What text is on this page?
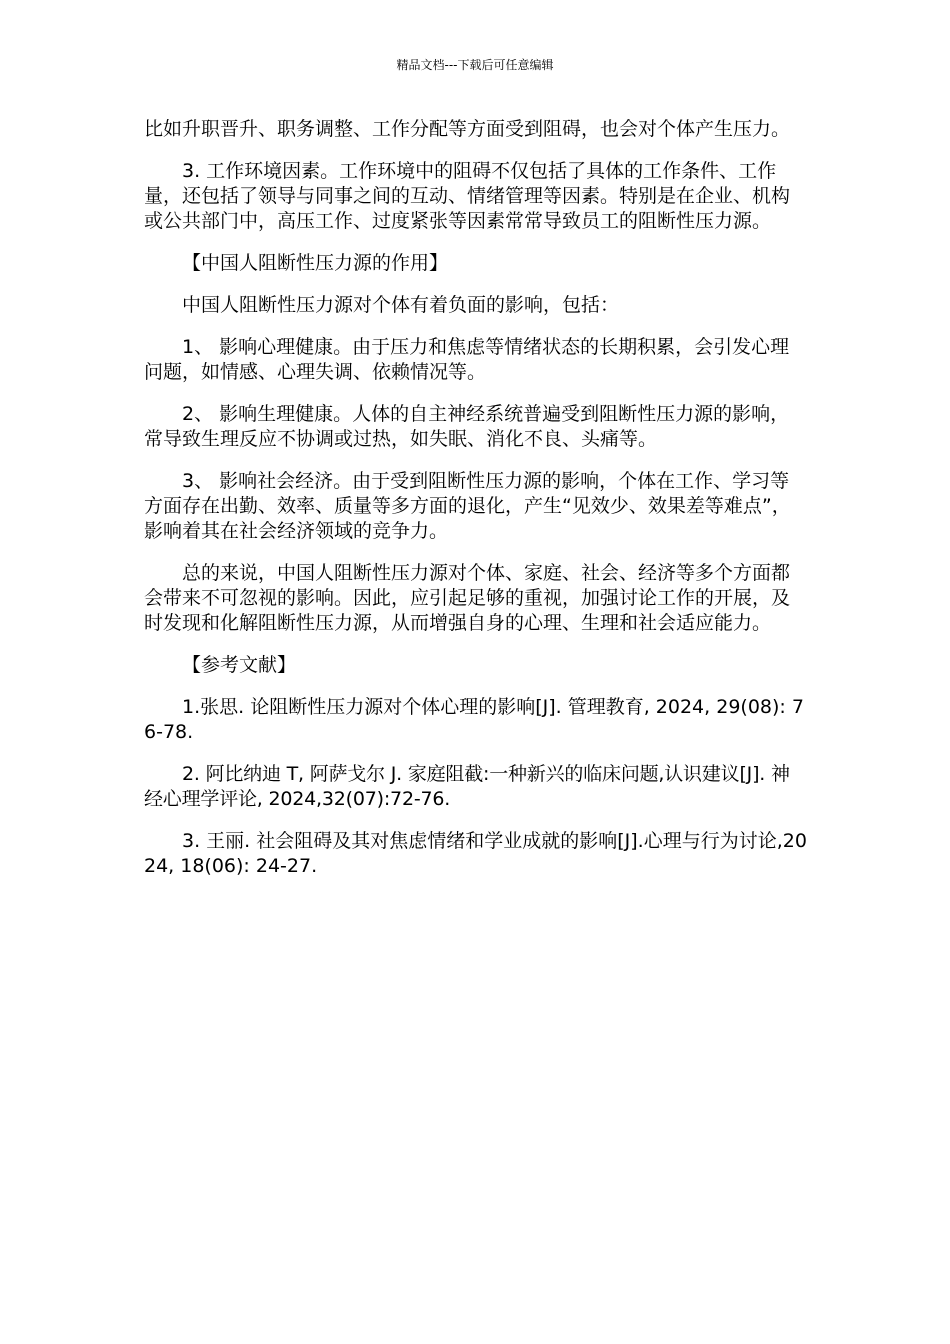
精品文档---下载后可任意编辑

比如升职晋升、职务调整、工作分配等方面受到阻碍，也会对个体产生压力。

3. 工作环境因素。工作环境中的阻碍不仅包括了具体的工作条件、工作量，还包括了领导与同事之间的互动、情绪管理等因素。特别是在企业、机构或公共部门中，高压工作、过度紧张等因素常常导致员工的阻断性压力源。

【中国人阻断性压力源的作用】

中国人阻断性压力源对个体有着负面的影响，包括：

1、 影响心理健康。由于压力和焦虑等情绪状态的长期积累，会引发心理问题，如情感、心理失调、依赖情况等。

2、 影响生理健康。人体的自主神经系统普遍受到阻断性压力源的影响，常导致生理反应不协调或过热，如失眠、消化不良、头痛等。

3、 影响社会经济。由于受到阻断性压力源的影响，个体在工作、学习等方面存在出勤、效率、质量等多方面的退化，产生“见效少、效果差等难点”，影响着其在社会经济领域的竞争力。

总的来说，中国人阻断性压力源对个体、家庭、社会、经济等多个方面都会带来不可忽视的影响。因此，应引起足够的重视，加强讨论工作的开展，及时发现和化解阻断性压力源，从而增强自身的心理、生理和社会适应能力。

【参考文献】

1.张思. 论阻断性压力源对个体心理的影响[J]. 管理教育, 2024, 29(08): 76-78.

2. 阿比纳迪 T, 阿萨戈尔 J. 家庭阻截:一种新兴的临床问题,认识建议[J]. 神经心理学评论, 2024,32(07):72-76.

3. 王丽. 社会阻碍及其对焦虑情绪和学业成就的影响[J].心理与行为讨论,2024, 18(06): 24-27.
